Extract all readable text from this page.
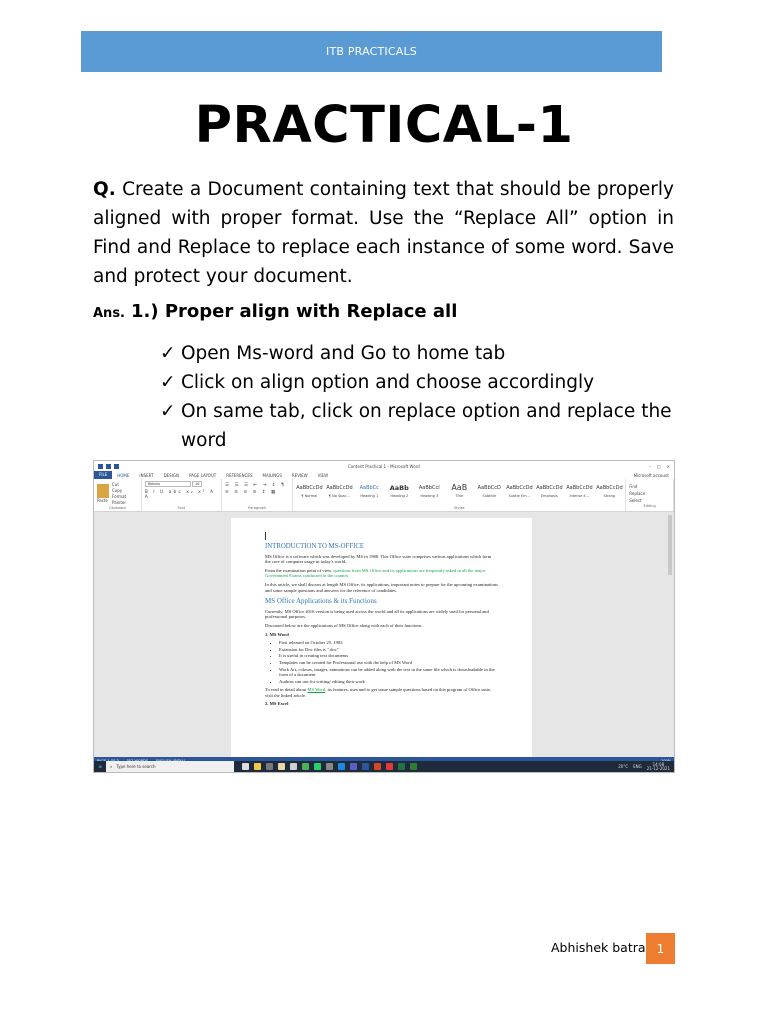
ITB PRACTICALS
PRACTICAL-1
Q. Create a Document containing text that should be properly aligned with proper format. Use the “Replace All” option in Find and Replace to replace each instance of some word. Save and protect your document.
Ans. 1.) Proper align with Replace all
✓ Open Ms-word and Go to home tab
✓ Click on align option and choose accordingly
✓ On same tab, click on replace option and replace the word
Content Practical 1 - Microsoft Word	– □ ✕
FILE	HOME	INSERT	DESIGN	PAGE LAYOUT	REFERENCES	MAILINGS	REVIEW	VIEW	Microsoft account
Paste
Cut
Copy
Format Painter
Clipboard
Roboto	16
B I U abc x₂ x² A A
Font
☰ ☰ ☰ ⇤ ⇥ ↕ ¶
≡ ≡ ≡ ≡ ↕ ▦
Paragraph
AaBbCcDd
¶ Normal
AaBbCcDd
¶ No Spac...
AaBbCc
Heading 1
AaBb
Heading 2
AaBbCcI
Heading 3
AaB
Title
AaBbCcD
Subtitle
AaBbCcDd
Subtle Em...
AaBbCcDd
Emphasis
AaBbCcDd
Intense E...
AaBbCcDd
Strong
Styles
Find
Replace
Select
Editing
INTRODUCTION TO MS-OFFICE

MS Office is a software which was developed by MS in 1988. This Office suite comprises various applications which form the core of computer usage in today's world.

From the examination point of view, questions from MS Office and its applications are frequently asked in all the major Government Exams conducted in the country.

In this article, we shall discuss at length MS Office, its applications, important notes to prepare for the upcoming examinations and some sample questions and answers for the reference of candidates.

MS Office Applications & its Functions

Currently, MS Office 2016 version is being used across the world and all its applications are widely used for personal and professional purposes.

Discussed below are the applications of MS Office along with each of their functions.

1. MS Word
• First released on October 25, 1983
• Extension for Doc files is ".doc"
• It is useful in creating text documents
• Templates can be created for Professional use with the help of MS Word
• Work Art, colours, images, animations can be added along with the text in the same file which is downloadable in the form of a document
• Authors can use for writing/ editing their work

To read in detail about MS Word, its features, uses and to get some sample questions based on this program of Office suite, visit the linked article.

2. MS Excel
⊞	⌕ Type here to search	20°C ENG	14:08
21-12-2021
Abhishek batra 1
